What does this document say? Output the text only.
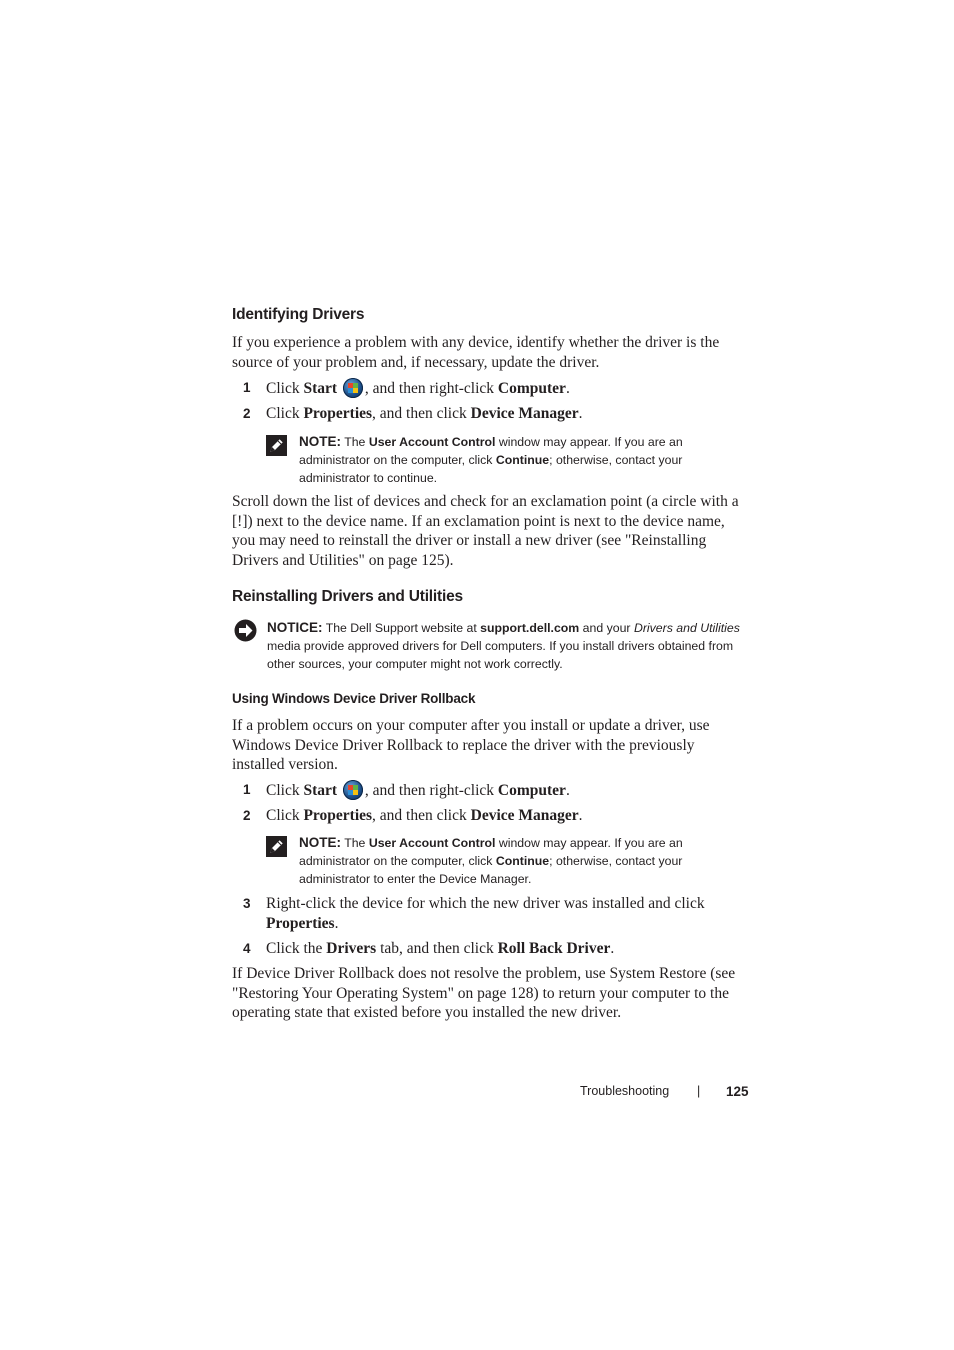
Identifying Drivers

If you experience a problem with any device, identify whether the driver is the source of your problem and, if necessary, update the driver.

1 Click Start , and then right-click Computer.
2 Click Properties, and then click Device Manager.
NOTE: The User Account Control window may appear. If you are an administrator on the computer, click Continue; otherwise, contact your administrator to continue.

Scroll down the list of devices and check for an exclamation point (a circle with a [!]) next to the device name. If an exclamation point is next to the device name, you may need to reinstall the driver or install a new driver (see "Reinstalling Drivers and Utilities" on page 125).

Reinstalling Drivers and Utilities
NOTICE: The Dell Support website at support.dell.com and your Drivers and Utilities media provide approved drivers for Dell computers. If you install drivers obtained from other sources, your computer might not work correctly.
Using Windows Device Driver Rollback

If a problem occurs on your computer after you install or update a driver, use Windows Device Driver Rollback to replace the driver with the previously installed version.

1 Click Start , and then right-click Computer.
2 Click Properties, and then click Device Manager.
NOTE: The User Account Control window may appear. If you are an administrator on the computer, click Continue; otherwise, contact your administrator to enter the Device Manager.
3 Right-click the device for which the new driver was installed and click Properties.
4 Click the Drivers tab, and then click Roll Back Driver.

If Device Driver Rollback does not resolve the problem, use System Restore (see "Restoring Your Operating System" on page 128) to return your computer to the operating state that existed before you installed the new driver.

Troubleshooting | 125
